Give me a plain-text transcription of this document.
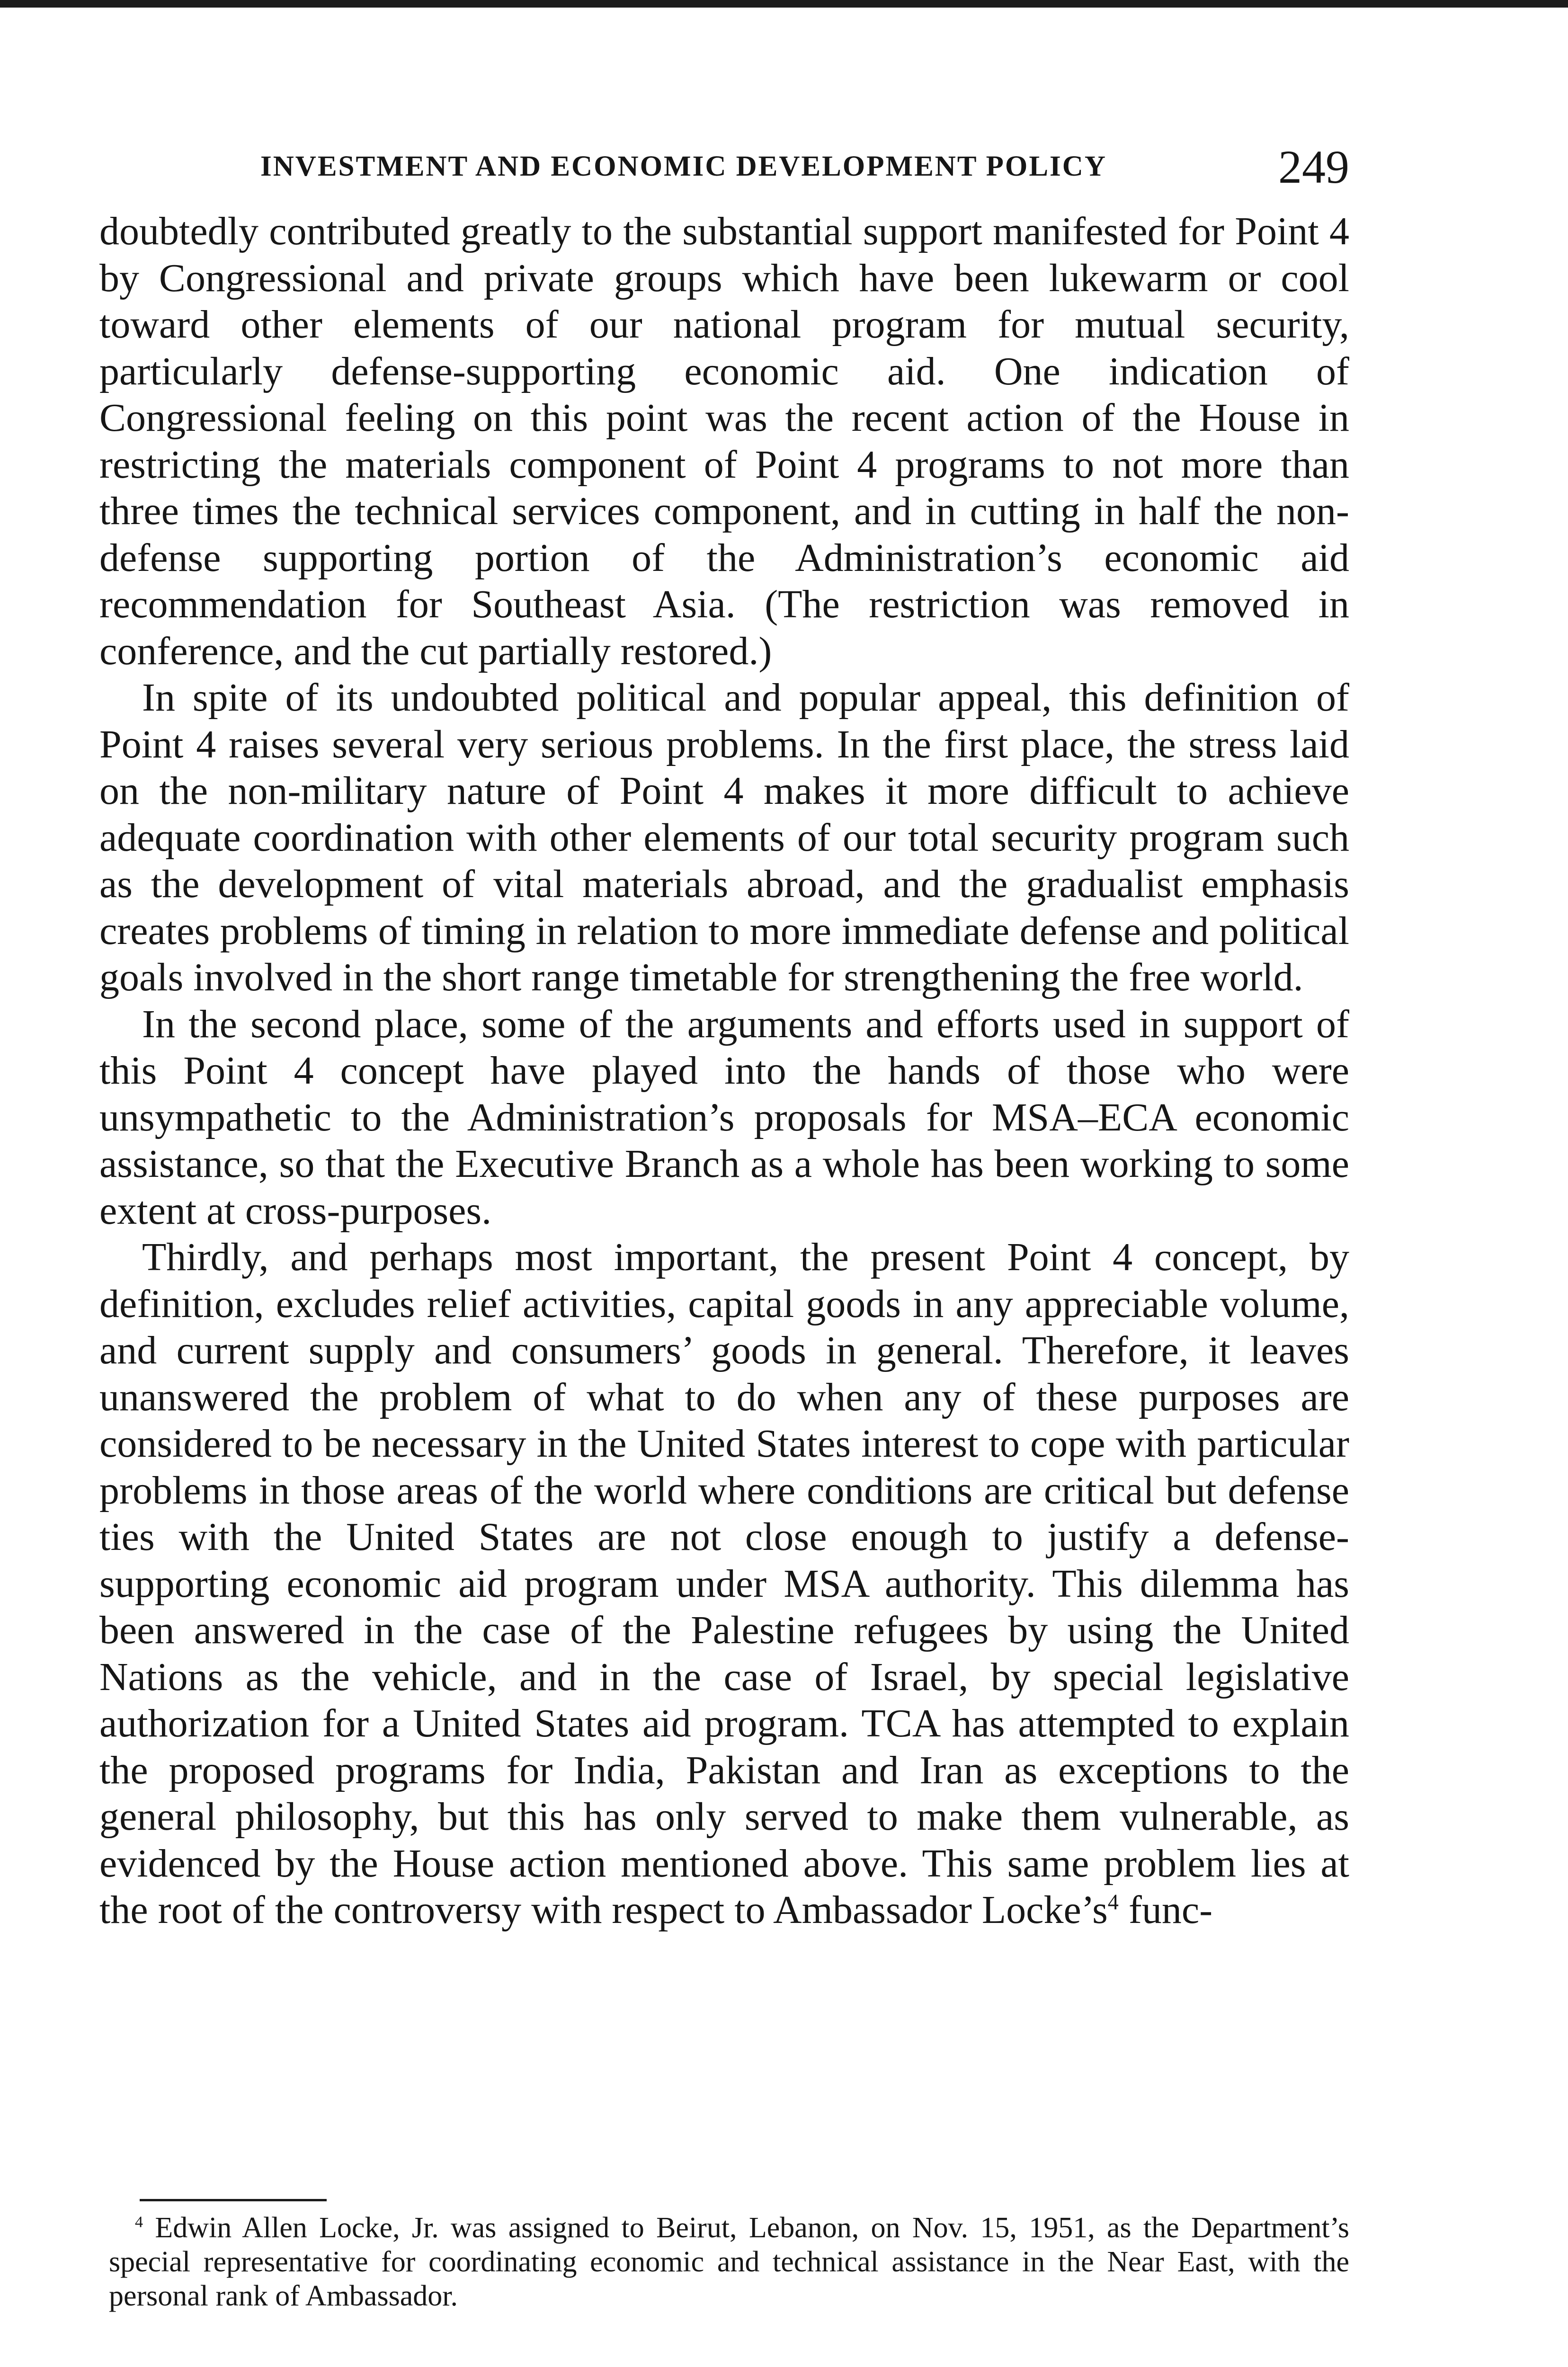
INVESTMENT AND ECONOMIC DEVELOPMENT POLICY	249

doubtedly contributed greatly to the substantial support manifested for Point 4 by Congressional and private groups which have been lukewarm or cool toward other elements of our national program for mutual security, particularly defense-supporting economic aid. One indication of Congressional feeling on this point was the recent action of the House in restricting the materials component of Point 4 programs to not more than three times the technical services component, and in cutting in half the non-defense supporting portion of the Administration’s economic aid recommendation for Southeast Asia. (The restriction was removed in conference, and the cut partially restored.)

In spite of its undoubted political and popular appeal, this definition of Point 4 raises several very serious problems. In the first place, the stress laid on the non-military nature of Point 4 makes it more difficult to achieve adequate coordination with other elements of our total security program such as the development of vital materials abroad, and the gradualist emphasis creates problems of timing in relation to more immediate defense and political goals involved in the short range timetable for strengthening the free world.

In the second place, some of the arguments and efforts used in support of this Point 4 concept have played into the hands of those who were unsympathetic to the Administration’s proposals for MSA–ECA economic assistance, so that the Executive Branch as a whole has been working to some extent at cross-purposes.

Thirdly, and perhaps most important, the present Point 4 concept, by definition, excludes relief activities, capital goods in any appreciable volume, and current supply and consumers’ goods in general. Therefore, it leaves unanswered the problem of what to do when any of these purposes are considered to be necessary in the United States interest to cope with particular problems in those areas of the world where conditions are critical but defense ties with the United States are not close enough to justify a defense-supporting economic aid program under MSA authority. This dilemma has been answered in the case of the Palestine refugees by using the United Nations as the vehicle, and in the case of Israel, by special legislative authorization for a United States aid program. TCA has attempted to explain the proposed programs for India, Pakistan and Iran as exceptions to the general philosophy, but this has only served to make them vulnerable, as evidenced by the House action mentioned above. This same problem lies at the root of the controversy with respect to Ambassador $Locke’s^4$ func-

$^4$ Edwin Allen Locke, Jr. was assigned to Beirut, Lebanon, on Nov. 15, 1951, as the Department’s special representative for coordinating economic and technical assistance in the Near East, with the personal rank of Ambassador.
